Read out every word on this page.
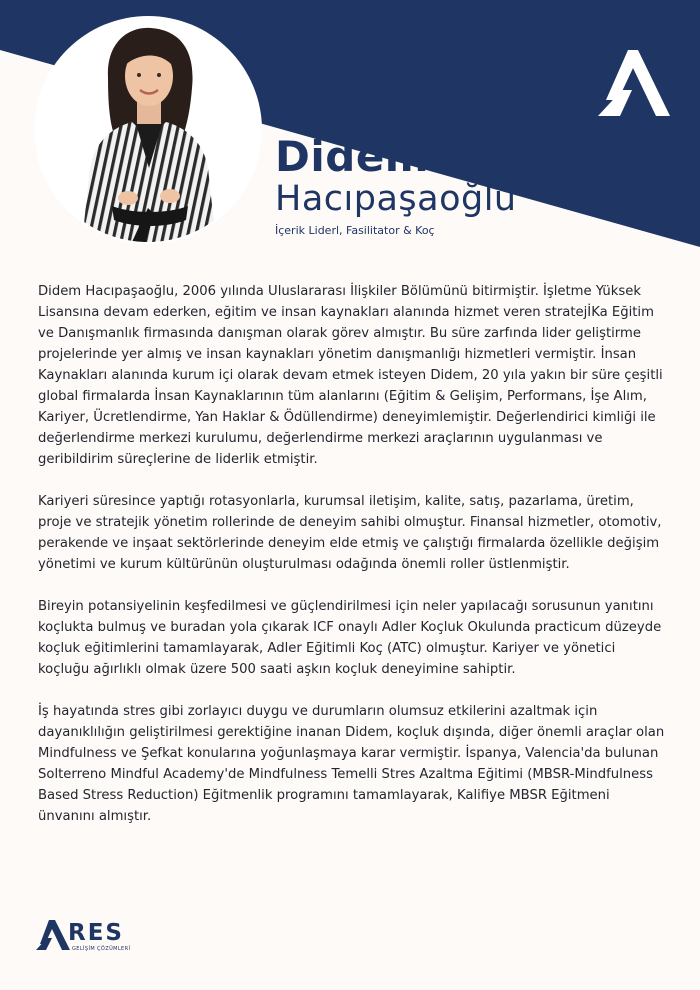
Didem
Hacıpaşaoğlu
İçerik Liderl, Fasilitator & Koç

Didem Hacıpaşaoğlu, 2006 yılında Uluslararası İlişkiler Bölümünü bitirmiştir. İşletme Yüksek Lisansına devam ederken, eğitim ve insan kaynakları alanında hizmet veren stratejİKa Eğitim ve Danışmanlık firmasında danışman olarak görev almıştır. Bu süre zarfında lider geliştirme projelerinde yer almış ve insan kaynakları yönetim danışmanlığı hizmetleri vermiştir. İnsan Kaynakları alanında kurum içi olarak devam etmek isteyen Didem, 20 yıla yakın bir süre çeşitli global firmalarda İnsan Kaynaklarının tüm alanlarını (Eğitim & Gelişim, Performans, İşe Alım, Kariyer, Ücretlendirme, Yan Haklar & Ödüllendirme) deneyimlemiştir. Değerlendirici kimliği ile değerlendirme merkezi kurulumu, değerlendirme merkezi araçlarının uygulanması ve geribildirim süreçlerine de liderlik etmiştir.

Kariyeri süresince yaptığı rotasyonlarla, kurumsal iletişim, kalite, satış, pazarlama, üretim, proje ve stratejik yönetim rollerinde de deneyim sahibi olmuştur. Finansal hizmetler, otomotiv, perakende ve inşaat sektörlerinde deneyim elde etmiş ve çalıştığı firmalarda özellikle değişim yönetimi ve kurum kültürünün oluşturulması odağında önemli roller üstlenmiştir.

Bireyin potansiyelinin keşfedilmesi ve güçlendirilmesi için neler yapılacağı sorusunun yanıtını koçlukta bulmuş ve buradan yola çıkarak ICF onaylı Adler Koçluk Okulunda practicum düzeyde koçluk eğitimlerini tamamlayarak, Adler Eğitimli Koç (ATC) olmuştur. Kariyer ve yönetici koçluğu ağırlıklı olmak üzere 500 saati aşkın koçluk deneyimine sahiptir.

İş hayatında stres gibi zorlayıcı duygu ve durumların olumsuz etkilerini azaltmak için dayanıklılığın geliştirilmesi gerektiğine inanan Didem, koçluk dışında, diğer önemli araçlar olan Mindfulness ve Şefkat konularına yoğunlaşmaya karar vermiştir. İspanya, Valencia'da bulunan Solterreno Mindful Academy'de Mindfulness Temelli Stres Azaltma Eğitimi (MBSR-Mindfulness Based Stress Reduction) Eğitmenlik programını tamamlayarak, Kalifiye MBSR Eğitmeni ünvanını almıştır.

RES
GELİŞİM ÇÖZÜMLERİ
